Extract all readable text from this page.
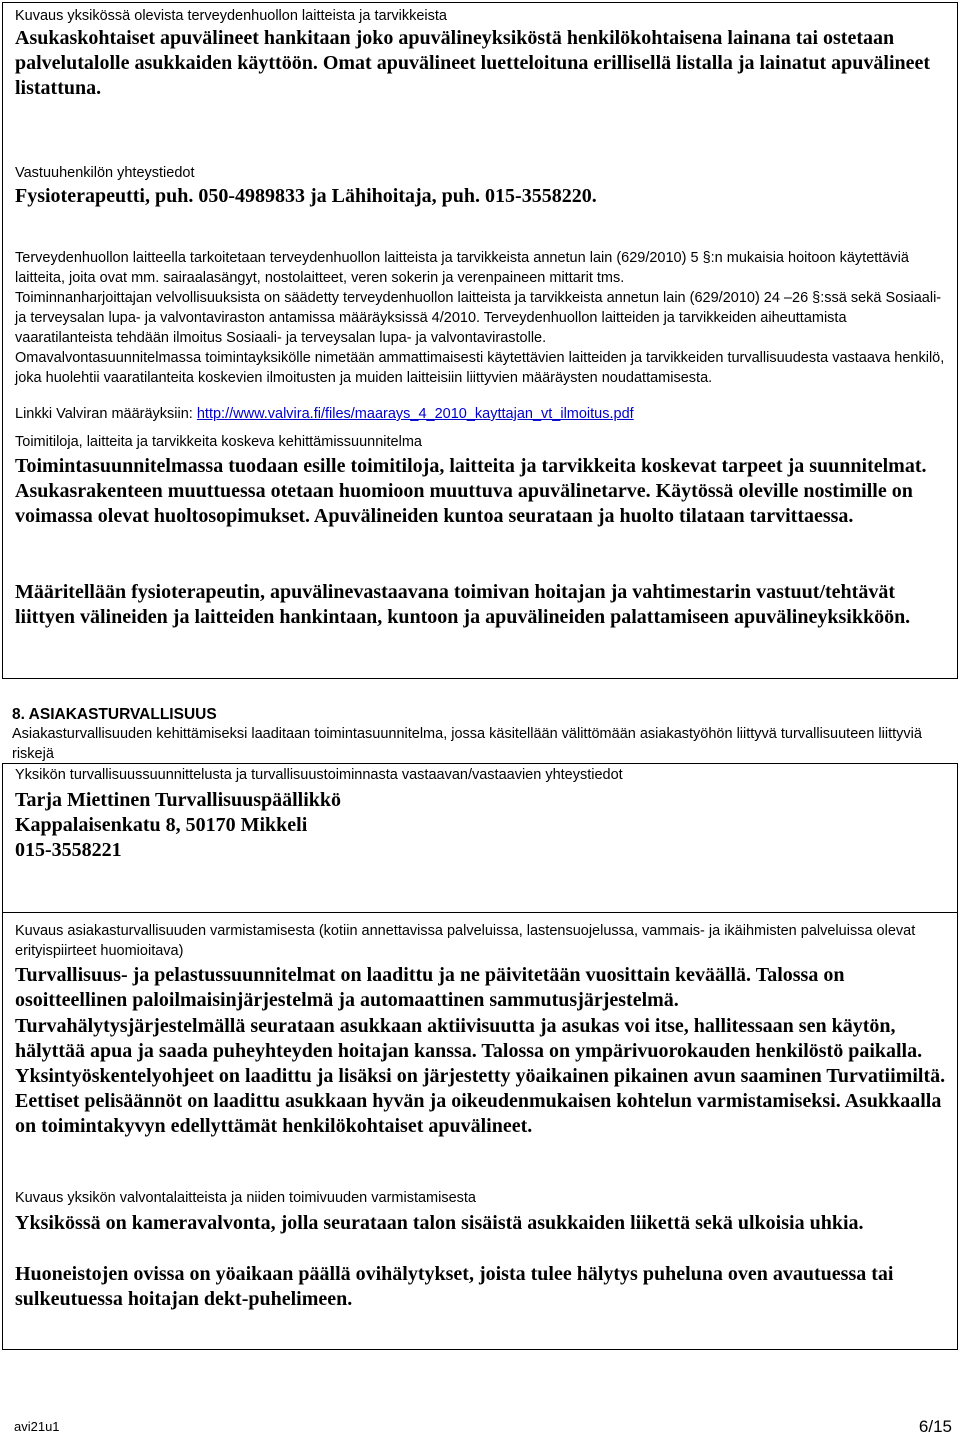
Kuvaus yksikössä olevista terveydenhuollon laitteista ja tarvikkeista

Asukaskohtaiset apuvälineet hankitaan joko apuvälineyksiköstä henkilökohtaisena lainana tai ostetaan palvelutalolle asukkaiden käyttöön. Omat apuvälineet luetteloituna erillisellä listalla ja lainatut apuvälineet listattuna.

Vastuuhenkilön yhteystiedot

Fysioterapeutti, puh. 050-4989833 ja Lähihoitaja, puh. 015-3558220.

Terveydenhuollon laitteella tarkoitetaan terveydenhuollon laitteista ja tarvikkeista annetun lain (629/2010) 5 §:n mukaisia hoitoon käytettäviä laitteita, joita ovat mm. sairaalasängyt, nostolaitteet, veren sokerin ja verenpaineen mittarit tms.

Toiminnanharjoittajan velvollisuuksista on säädetty terveydenhuollon laitteista ja tarvikkeista annetun lain (629/2010) 24 –26 §:ssä sekä Sosiaali- ja terveysalan lupa- ja valvontaviraston antamissa määräyksissä 4/2010. Terveydenhuollon laitteiden ja tarvikkeiden aiheuttamista vaaratilanteista tehdään ilmoitus Sosiaali- ja terveysalan lupa- ja valvontavirastolle.

Omavalvontasuunnitelmassa toimintayksikölle nimetään ammattimaisesti käytettävien laitteiden ja tarvikkeiden turvallisuudesta vastaava henkilö, joka huolehtii vaaratilanteita koskevien ilmoitusten ja muiden laitteisiin liittyvien määräysten noudattamisesta.

Linkki Valviran määräyksiin: http://www.valvira.fi/files/maarays_4_2010_kayttajan_vt_ilmoitus.pdf

Toimitiloja, laitteita ja tarvikkeita koskeva kehittämissuunnitelma

Toimintasuunnitelmassa tuodaan esille toimitiloja, laitteita ja tarvikkeita koskevat tarpeet ja suunnitelmat. Asukasrakenteen muuttuessa otetaan huomioon muuttuva apuvälinetarve. Käytössä oleville nostimille on voimassa olevat huoltosopimukset. Apuvälineiden kuntoa seurataan ja huolto tilataan tarvittaessa.

Määritellään fysioterapeutin, apuvälinevastaavana toimivan hoitajan ja vahtimestarin vastuut/tehtävät liittyen välineiden ja laitteiden hankintaan, kuntoon ja apuvälineiden palattamiseen apuvälineyksikköön.

8. ASIAKASTURVALLISUUS

Asiakasturvallisuuden kehittämiseksi laaditaan toimintasuunnitelma, jossa käsitellään välittömään asiakastyöhön liittyvä turvallisuuteen liittyviä riskejä

Yksikön turvallisuussuunnittelusta ja turvallisuustoiminnasta vastaavan/vastaavien yhteystiedot

Tarja Miettinen Turvallisuuspäällikkö

Kappalaisenkatu 8, 50170 Mikkeli

015-3558221

Kuvaus asiakasturvallisuuden varmistamisesta (kotiin annettavissa palveluissa, lastensuojelussa, vammais- ja ikäihmisten palveluissa olevat erityispiirteet huomioitava)

Turvallisuus- ja pelastussuunnitelmat on laadittu ja ne päivitetään vuosittain keväällä. Talossa on osoitteellinen paloilmaisinjärjestelmä ja automaattinen sammutusjärjestelmä.

Turvahälytysjärjestelmällä seurataan asukkaan aktiivisuutta ja asukas voi itse, hallitessaan sen käytön, hälyttää apua ja saada puheyhteyden hoitajan kanssa. Talossa on ympärivuorokauden henkilöstö paikalla. Yksintyöskentelyohjeet on laadittu ja lisäksi on järjestetty yöaikainen pikainen avun saaminen Turvatiimiltä. Eettiset pelisäännöt on laadittu asukkaan hyvän ja oikeudenmukaisen kohtelun varmistamiseksi. Asukkaalla on toimintakyvyn edellyttämät henkilökohtaiset apuvälineet.

Kuvaus yksikön valvontalaitteista ja niiden toimivuuden varmistamisesta

Yksikössä on kameravalvonta, jolla seurataan talon sisäistä asukkaiden liikettä sekä ulkoisia uhkia.

Huoneistojen ovissa on yöaikaan päällä ovihälytykset, joista tulee hälytys puheluna oven avautuessa tai sulkeutuessa hoitajan dekt-puhelimeen.

avi21u1	6/15
